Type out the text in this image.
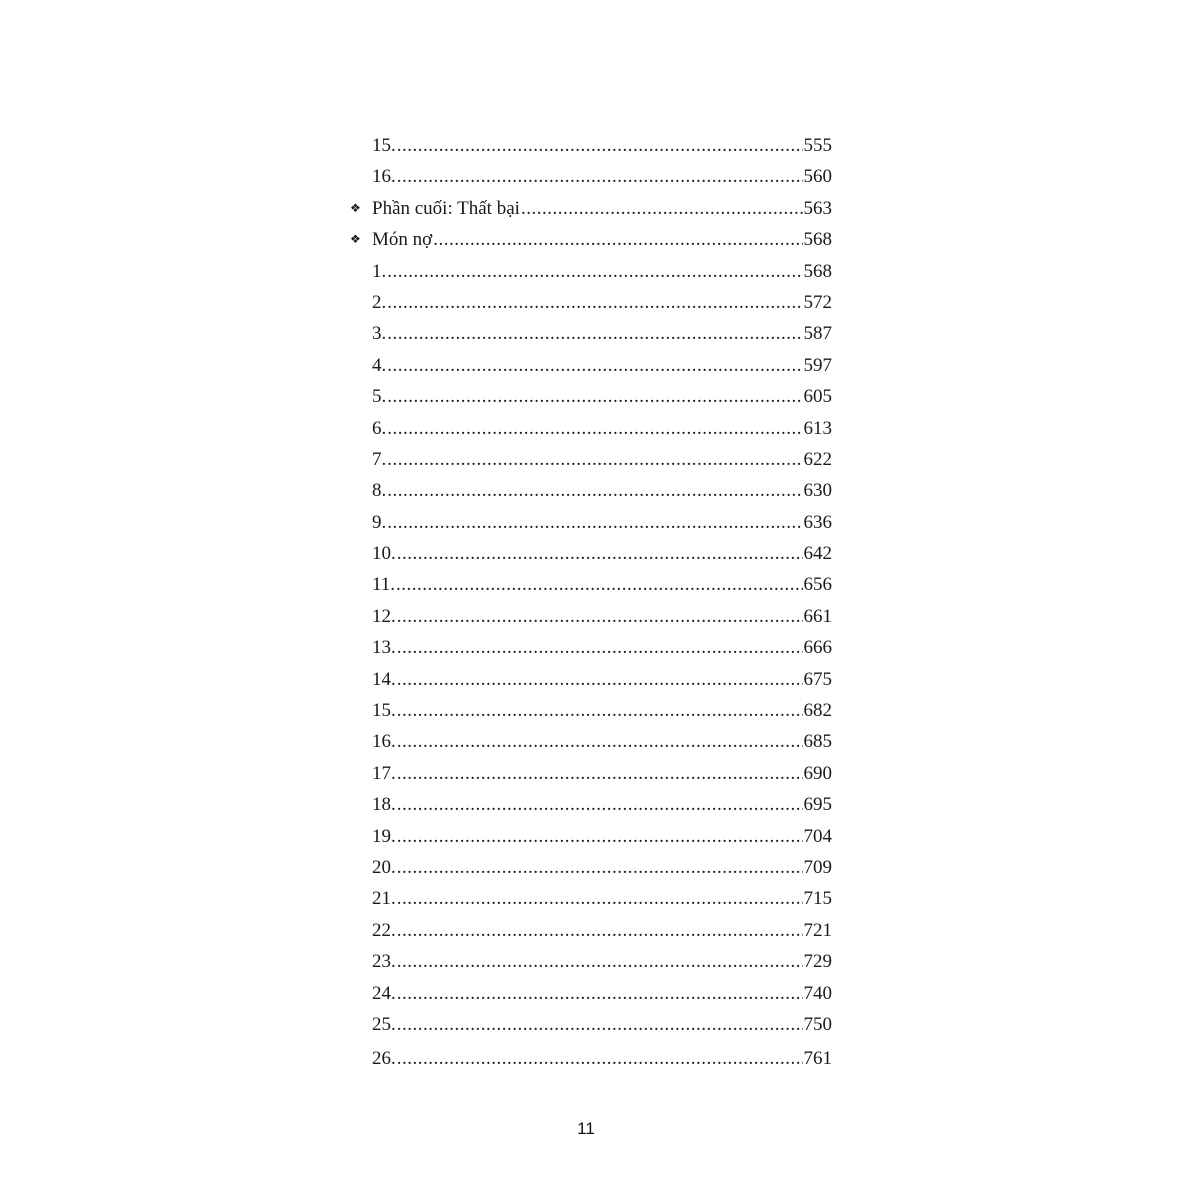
15. .....	555
16. .....	560
❖ Phần cuối: Thất bại .....	563
❖ Món nợ .....	568
1. .....	568
2. .....	572
3. .....	587
4. .....	597
5. .....	605
6. .....	613
7. .....	622
8. .....	630
9. .....	636
10. .....	642
11. .....	656
12. .....	661
13. .....	666
14. .....	675
15. .....	682
16. .....	685
17. .....	690
18. .....	695
19. .....	704
20. .....	709
21. .....	715
22. .....	721
23. .....	729
24. .....	740
25. .....	750
26. .....	761
11
